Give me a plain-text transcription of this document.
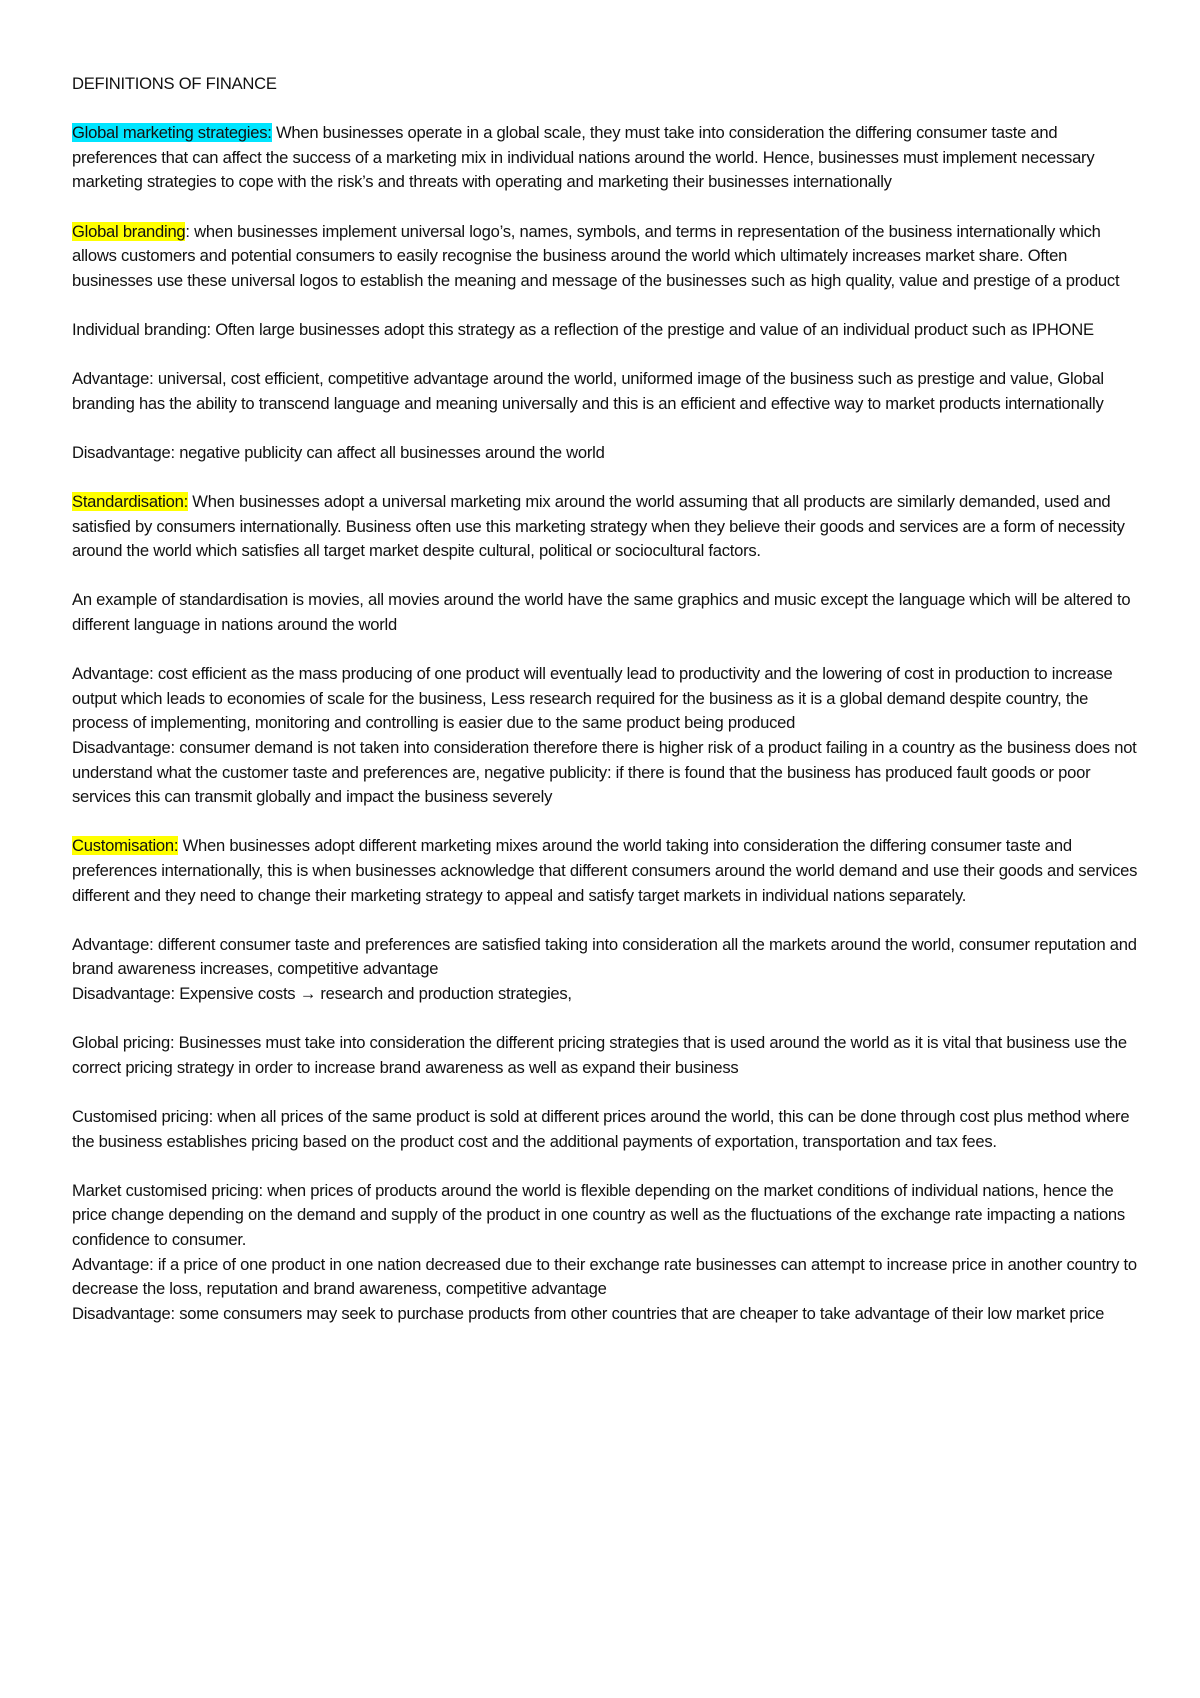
DEFINITIONS OF FINANCE

Global marketing strategies: When businesses operate in a global scale, they must take into consideration the differing consumer taste and preferences that can affect the success of a marketing mix in individual nations around the world. Hence, businesses must implement necessary marketing strategies to cope with the risk’s and threats with operating and marketing their businesses internationally

Global branding: when businesses implement universal logo’s, names, symbols, and terms in representation of the business internationally which allows customers and potential consumers to easily recognise the business around the world which ultimately increases market share. Often businesses use these universal logos to establish the meaning and message of the businesses such as high quality, value and prestige of a product

Individual branding: Often large businesses adopt this strategy as a reflection of the prestige and value of an individual product such as IPHONE

Advantage: universal, cost efficient, competitive advantage around the world, uniformed image of the business such as prestige and value, Global branding has the ability to transcend language and meaning universally and this is an efficient and effective way to market products internationally

Disadvantage: negative publicity can affect all businesses around the world

Standardisation: When businesses adopt a universal marketing mix around the world assuming that all products are similarly demanded, used and satisfied by consumers internationally. Business often use this marketing strategy when they believe their goods and services are a form of necessity around the world which satisfies all target market despite cultural, political or sociocultural factors.

An example of standardisation is movies, all movies around the world have the same graphics and music except the language which will be altered to different language in nations around the world

Advantage: cost efficient as the mass producing of one product will eventually lead to productivity and the lowering of cost in production to increase output which leads to economies of scale for the business, Less research required for the business as it is a global demand despite country, the process of implementing, monitoring and controlling is easier due to the same product being produced

Disadvantage: consumer demand is not taken into consideration therefore there is higher risk of a product failing in a country as the business does not understand what the customer taste and preferences are, negative publicity: if there is found that the business has produced fault goods or poor services this can transmit globally and impact the business severely

Customisation: When businesses adopt different marketing mixes around the world taking into consideration the differing consumer taste and preferences internationally, this is when businesses acknowledge that different consumers around the world demand and use their goods and services different and they need to change their marketing strategy to appeal and satisfy target markets in individual nations separately.

Advantage: different consumer taste and preferences are satisfied taking into consideration all the markets around the world, consumer reputation and brand awareness increases, competitive advantage

Disadvantage: Expensive costs → research and production strategies,

Global pricing: Businesses must take into consideration the different pricing strategies that is used around the world as it is vital that business use the correct pricing strategy in order to increase brand awareness as well as expand their business

Customised pricing: when all prices of the same product is sold at different prices around the world, this can be done through cost plus method where the business establishes pricing based on the product cost and the additional payments of exportation, transportation and tax fees.

Market customised pricing: when prices of products around the world is flexible depending on the market conditions of individual nations, hence the price change depending on the demand and supply of the product in one country as well as the fluctuations of the exchange rate impacting a nations confidence to consumer.

Advantage: if a price of one product in one nation decreased due to their exchange rate businesses can attempt to increase price in another country to decrease the loss, reputation and brand awareness, competitive advantage

Disadvantage: some consumers may seek to purchase products from other countries that are cheaper to take advantage of their low market price
